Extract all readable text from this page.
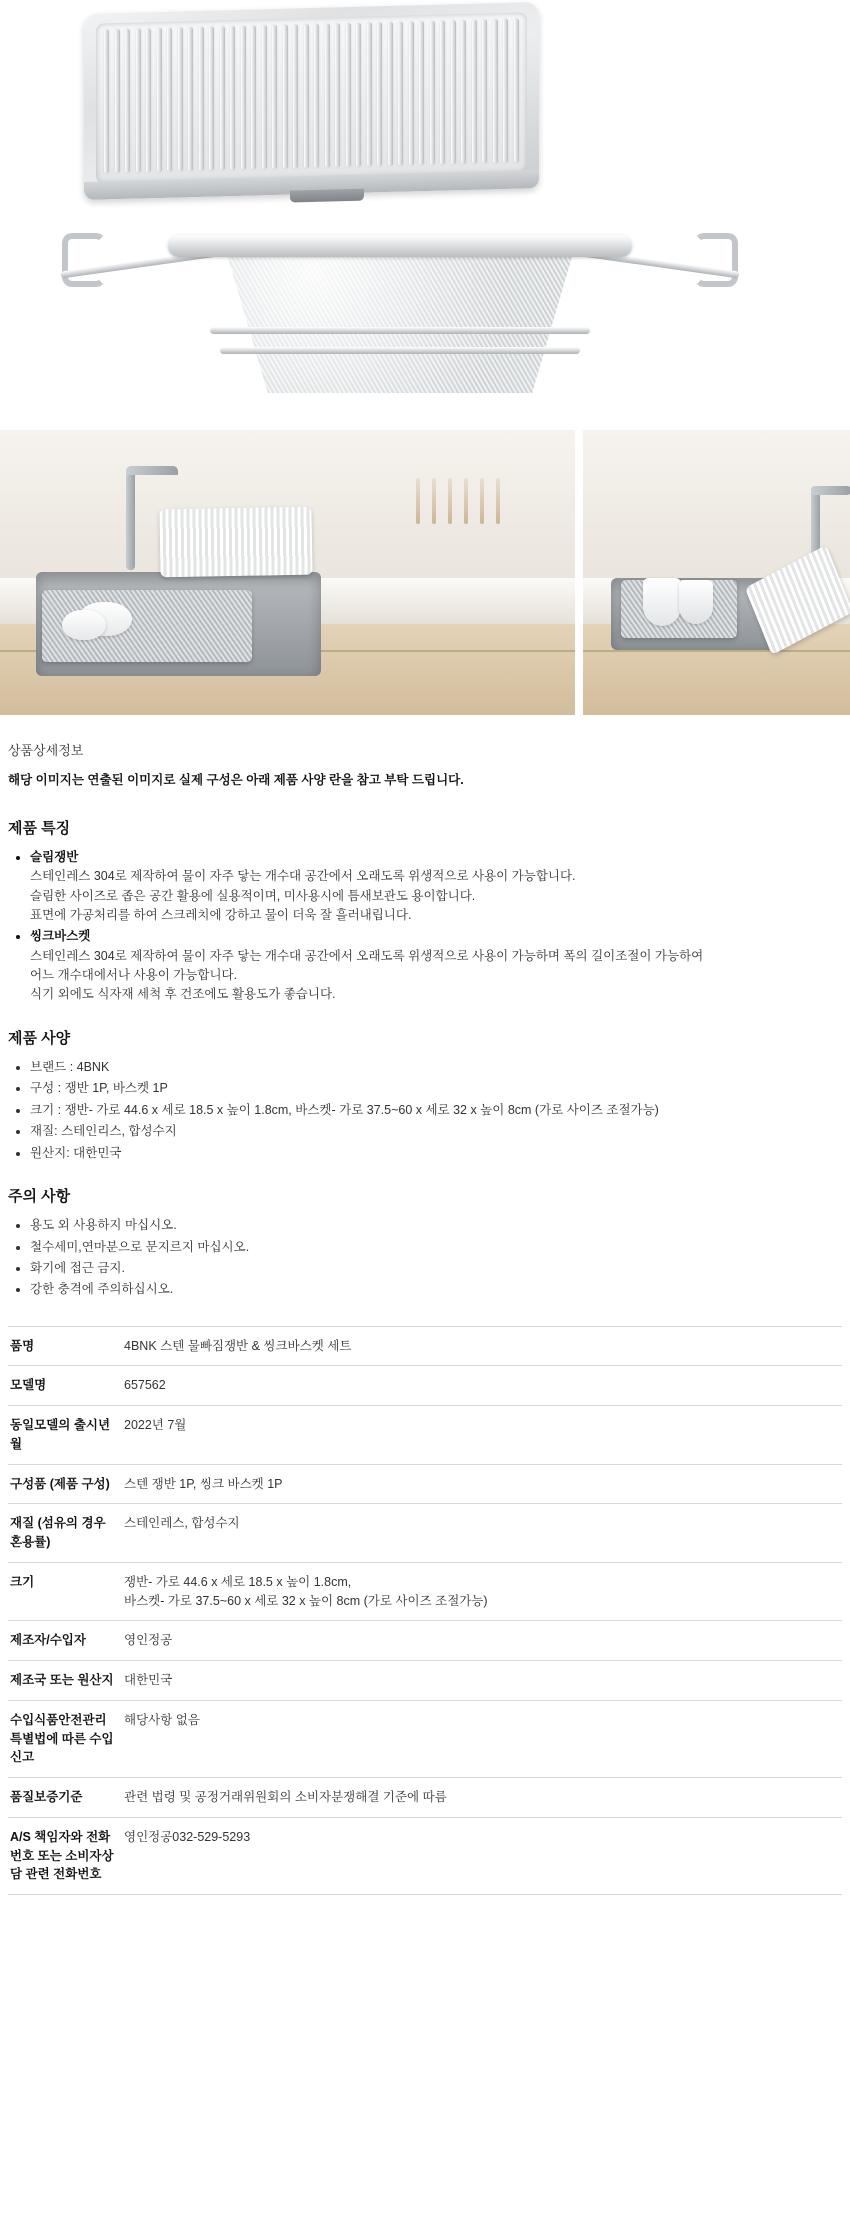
상품상세정보

해당 이미지는 연출된 이미지로 실제 구성은 아래 제품 사양 란을 참고 부탁 드립니다.

제품 특징
• 슬림쟁반
스테인레스 304로 제작하여 물이 자주 닿는 개수대 공간에서 오래도록 위생적으로 사용이 가능합니다.
슬림한 사이즈로 좁은 공간 활용에 실용적이며, 미사용시에 틈새보관도 용이합니다.
표면에 가공처리를 하여 스크레치에 강하고 물이 더욱 잘 흘러내립니다.
• 씽크바스켓
스테인레스 304로 제작하여 물이 자주 닿는 개수대 공간에서 오래도록 위생적으로 사용이 가능하며 폭의 길이조절이 가능하여
어느 개수대에서나 사용이 가능합니다.
식기 외에도 식자재 세척 후 건조에도 활용도가 좋습니다.
제품 사양
• 브랜드 : 4BNK
• 구성 : 쟁반 1P, 바스켓 1P
• 크기 : 쟁반- 가로 44.6 x 세로 18.5 x 높이 1.8cm, 바스켓- 가로 37.5~60 x 세로 32 x 높이 8cm (가로 사이즈 조절가능)
• 재질: 스테인리스, 합성수지
• 원산지: 대한민국
주의 사항
• 용도 외 사용하지 마십시오.
• 철수세미,연마분으로 문지르지 마십시오.
• 화기에 접근 금지.
• 강한 충격에 주의하십시오.
품명	4BNK 스텐 물빠짐쟁반 & 씽크바스켓 세트

모델명	657562

동일모델의 출시년월	2022년 7월

구성품 (제품 구성)	스텐 쟁반 1P, 씽크 바스켓 1P

재질 (섬유의 경우 혼용률)	스테인레스, 합성수지

크기	쟁반- 가로 44.6 x 세로 18.5 x 높이 1.8cm,
바스켓- 가로 37.5~60 x 세로 32 x 높이 8cm (가로 사이즈 조절가능)

제조자/수입자	영인정공

제조국 또는 원산지	대한민국

수입식품안전관리특별법에 따른 수입신고	해당사항 없음

품질보증기준	관련 법령 및 공정거래위원회의 소비자분쟁해결 기준에 따름

A/S 책임자와 전화번호 또는 소비자상담 관련 전화번호	영인정공032-529-5293
